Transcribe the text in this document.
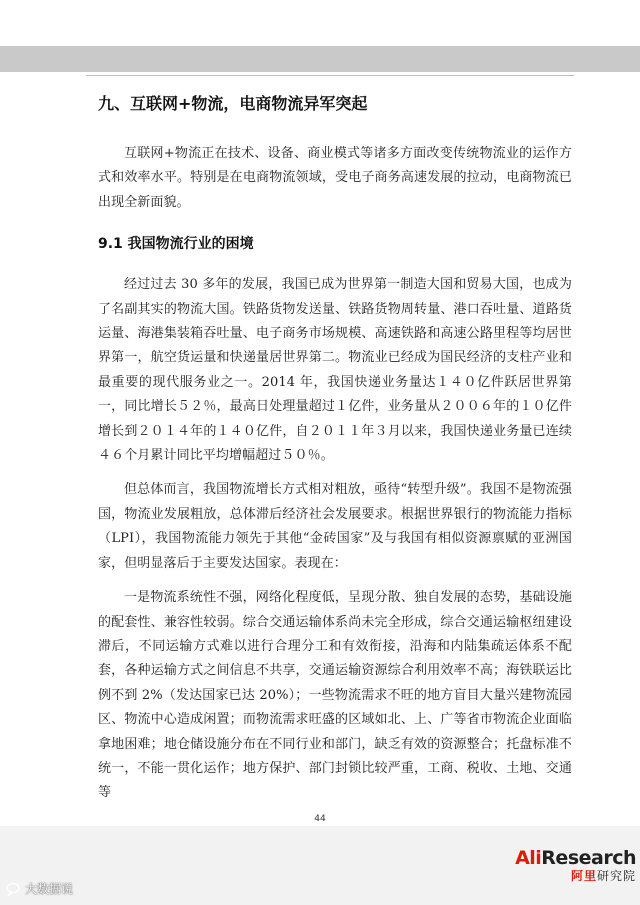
九、互联网+物流，电商物流异军突起

互联网+物流正在技术、设备、商业模式等诸多方面改变传统物流业的运作方式和效率水平。特别是在电商物流领域，受电子商务高速发展的拉动，电商物流已出现全新面貌。

9.1 我国物流行业的困境

经过过去 30 多年的发展，我国已成为世界第一制造大国和贸易大国，也成为了名副其实的物流大国。铁路货物发送量、铁路货物周转量、港口吞吐量、道路货运量、海港集装箱吞吐量、电子商务市场规模、高速铁路和高速公路里程等均居世界第一，航空货运量和快递量居世界第二。物流业已经成为国民经济的支柱产业和最重要的现代服务业之一。2014 年，我国快递业务量达１４０亿件跃居世界第一，同比增长５２％，最高日处理量超过１亿件，业务量从２００６年的１０亿件增长到２０１４年的１４０亿件，自２０１１年３月以来，我国快递业务量已连续４６个月累计同比平均增幅超过５０％。

但总体而言，我国物流增长方式相对粗放，亟待“转型升级”。我国不是物流强国，物流业发展粗放，总体滞后经济社会发展要求。根据世界银行的物流能力指标（LPI），我国物流能力领先于其他“金砖国家”及与我国有相似资源禀赋的亚洲国家，但明显落后于主要发达国家。表现在：

一是物流系统性不强，网络化程度低，呈现分散、独自发展的态势，基础设施的配套性、兼容性较弱。综合交通运输体系尚未完全形成，综合交通运输枢纽建设滞后，不同运输方式难以进行合理分工和有效衔接，沿海和内陆集疏运体系不配套，各种运输方式之间信息不共享，交通运输资源综合利用效率不高；海铁联运比例不到 2%（发达国家已达 20%）；一些物流需求不旺的地方盲目大量兴建物流园区、物流中心造成闲置；而物流需求旺盛的区域如北、上、广等省市物流企业面临拿地困难；地仓储设施分布在不同行业和部门，缺乏有效的资源整合；托盘标准不统一，不能一贯化运作；地方保护、部门封锁比较严重，工商、税收、土地、交通等

44
AliResearch
阿里研究院
大数据说
